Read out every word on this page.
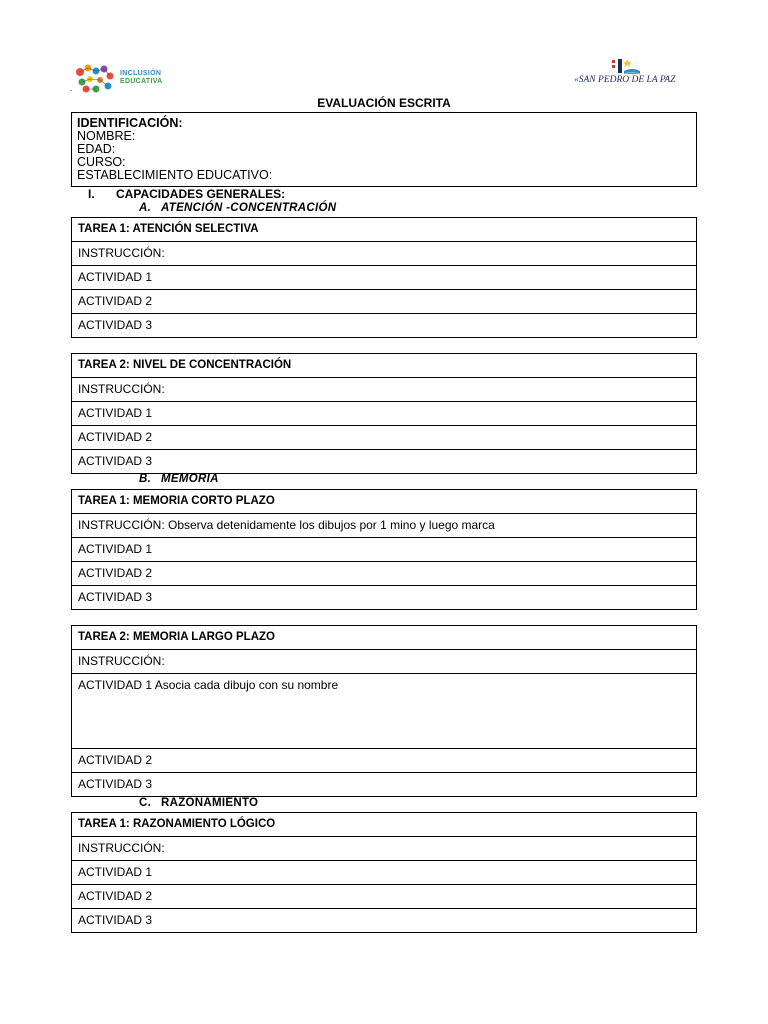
INCLUSIÓN
EDUCATIVA	«SAN PEDRO DE LA PAZ
.
EVALUACIÓN ESCRITA
IDENTIFICACIÓN:
NOMBRE:
EDAD:
CURSO:
ESTABLECIMIENTO EDUCATIVO:
I. CAPACIDADES GENERALES:
A. ATENCIÓN -CONCENTRACIÓN
TAREA 1: ATENCIÓN SELECTIVA
INSTRUCCIÓN:
ACTIVIDAD 1
ACTIVIDAD 2
ACTIVIDAD 3
TAREA 2: NIVEL DE CONCENTRACIÓN
INSTRUCCIÓN:
ACTIVIDAD 1
ACTIVIDAD 2
ACTIVIDAD 3
B. MEMORIA
TAREA 1: MEMORIA CORTO PLAZO
INSTRUCCIÓN: Observa detenidamente los dibujos por 1 mino y luego marca
ACTIVIDAD 1
ACTIVIDAD 2
ACTIVIDAD 3
TAREA 2: MEMORIA LARGO PLAZO
INSTRUCCIÓN:
ACTIVIDAD 1 Asocia cada dibujo con su nombre
ACTIVIDAD 2
ACTIVIDAD 3
C. RAZONAMIENTO
TAREA 1: RAZONAMIENTO LÓGICO
INSTRUCCIÓN:
ACTIVIDAD 1
ACTIVIDAD 2
ACTIVIDAD 3
